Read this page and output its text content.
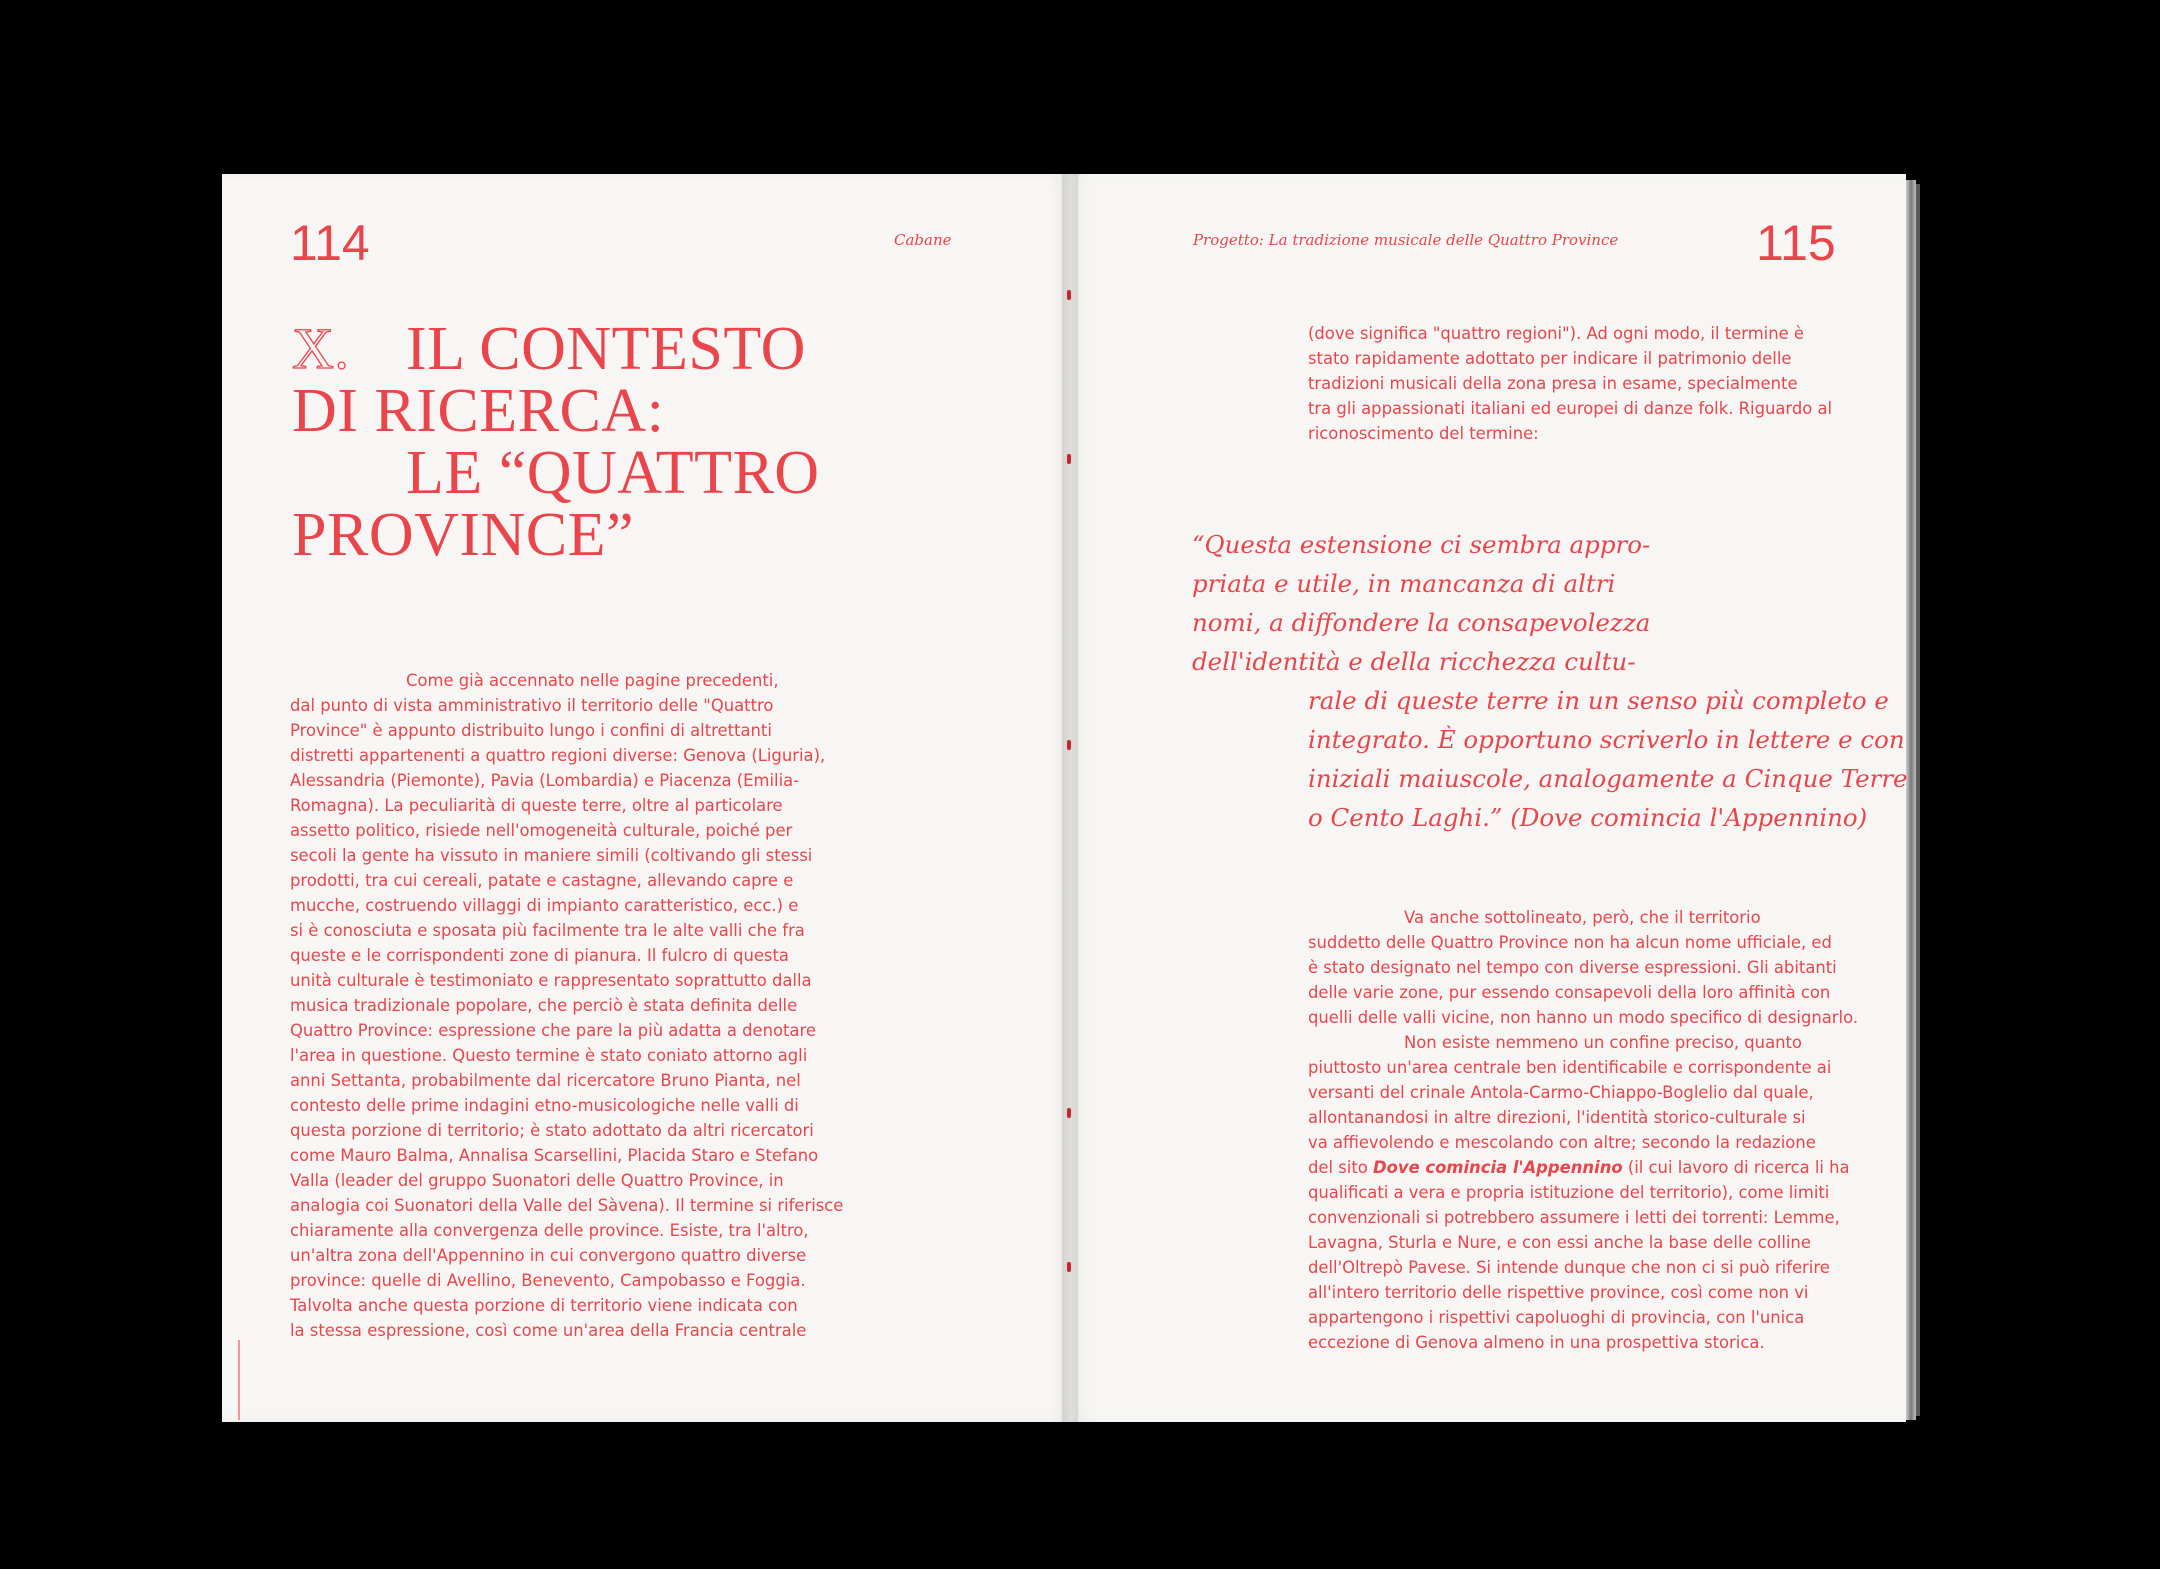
114	Cabane
X. IL CONTESTO
DI RICERCA:
LE “QUATTRO
PROVINCE”
Come già accennato nelle pagine precedenti,
dal punto di vista amministrativo il territorio delle "Quattro
Province" è appunto distribuito lungo i confini di altrettanti
distretti appartenenti a quattro regioni diverse: Genova (Liguria),
Alessandria (Piemonte), Pavia (Lombardia) e Piacenza (Emilia-
Romagna). La peculiarità di queste terre, oltre al particolare
assetto politico, risiede nell'omogeneità culturale, poiché per
secoli la gente ha vissuto in maniere simili (coltivando gli stessi
prodotti, tra cui cereali, patate e castagne, allevando capre e
mucche, costruendo villaggi di impianto caratteristico, ecc.) e
si è conosciuta e sposata più facilmente tra le alte valli che fra
queste e le corrispondenti zone di pianura. Il fulcro di questa
unità culturale è testimoniato e rappresentato soprattutto dalla
musica tradizionale popolare, che perciò è stata definita delle
Quattro Province: espressione che pare la più adatta a denotare
l'area in questione. Questo termine è stato coniato attorno agli
anni Settanta, probabilmente dal ricercatore Bruno Pianta, nel
contesto delle prime indagini etno-musicologiche nelle valli di
questa porzione di territorio; è stato adottato da altri ricercatori
come Mauro Balma, Annalisa Scarsellini, Placida Staro e Stefano
Valla (leader del gruppo Suonatori delle Quattro Province, in
analogia coi Suonatori della Valle del Sàvena). Il termine si riferisce
chiaramente alla convergenza delle province. Esiste, tra l'altro,
un'altra zona dell'Appennino in cui convergono quattro diverse
province: quelle di Avellino, Benevento, Campobasso e Foggia.
Talvolta anche questa porzione di territorio viene indicata con
la stessa espressione, così come un'area della Francia centrale
Progetto: La tradizione musicale delle Quattro Province	115
(dove significa "quattro regioni"). Ad ogni modo, il termine è
stato rapidamente adottato per indicare il patrimonio delle
tradizioni musicali della zona presa in esame, specialmente
tra gli appassionati italiani ed europei di danze folk. Riguardo al
riconoscimento del termine:
“Questa estensione ci sembra appro-
priata e utile, in mancanza di altri
nomi, a diffondere la consapevolezza
dell'identità e della ricchezza cultu-
rale di queste terre in un senso più completo e
integrato. È opportuno scriverlo in lettere e con
iniziali maiuscole, analogamente a Cinque Terre
o Cento Laghi.” (Dove comincia l'Appennino)
Va anche sottolineato, però, che il territorio
suddetto delle Quattro Province non ha alcun nome ufficiale, ed
è stato designato nel tempo con diverse espressioni. Gli abitanti
delle varie zone, pur essendo consapevoli della loro affinità con
quelli delle valli vicine, non hanno un modo specifico di designarlo.
Non esiste nemmeno un confine preciso, quanto
piuttosto un'area centrale ben identificabile e corrispondente ai
versanti del crinale Antola-Carmo-Chiappo-Boglelio dal quale,
allontanandosi in altre direzioni, l'identità storico-culturale si
va affievolendo e mescolando con altre; secondo la redazione
del sito Dove comincia l'Appennino (il cui lavoro di ricerca li ha
qualificati a vera e propria istituzione del territorio), come limiti
convenzionali si potrebbero assumere i letti dei torrenti: Lemme,
Lavagna, Sturla e Nure, e con essi anche la base delle colline
dell'Oltrepò Pavese. Si intende dunque che non ci si può riferire
all'intero territorio delle rispettive province, così come non vi
appartengono i rispettivi capoluoghi di provincia, con l'unica
eccezione di Genova almeno in una prospettiva storica.
